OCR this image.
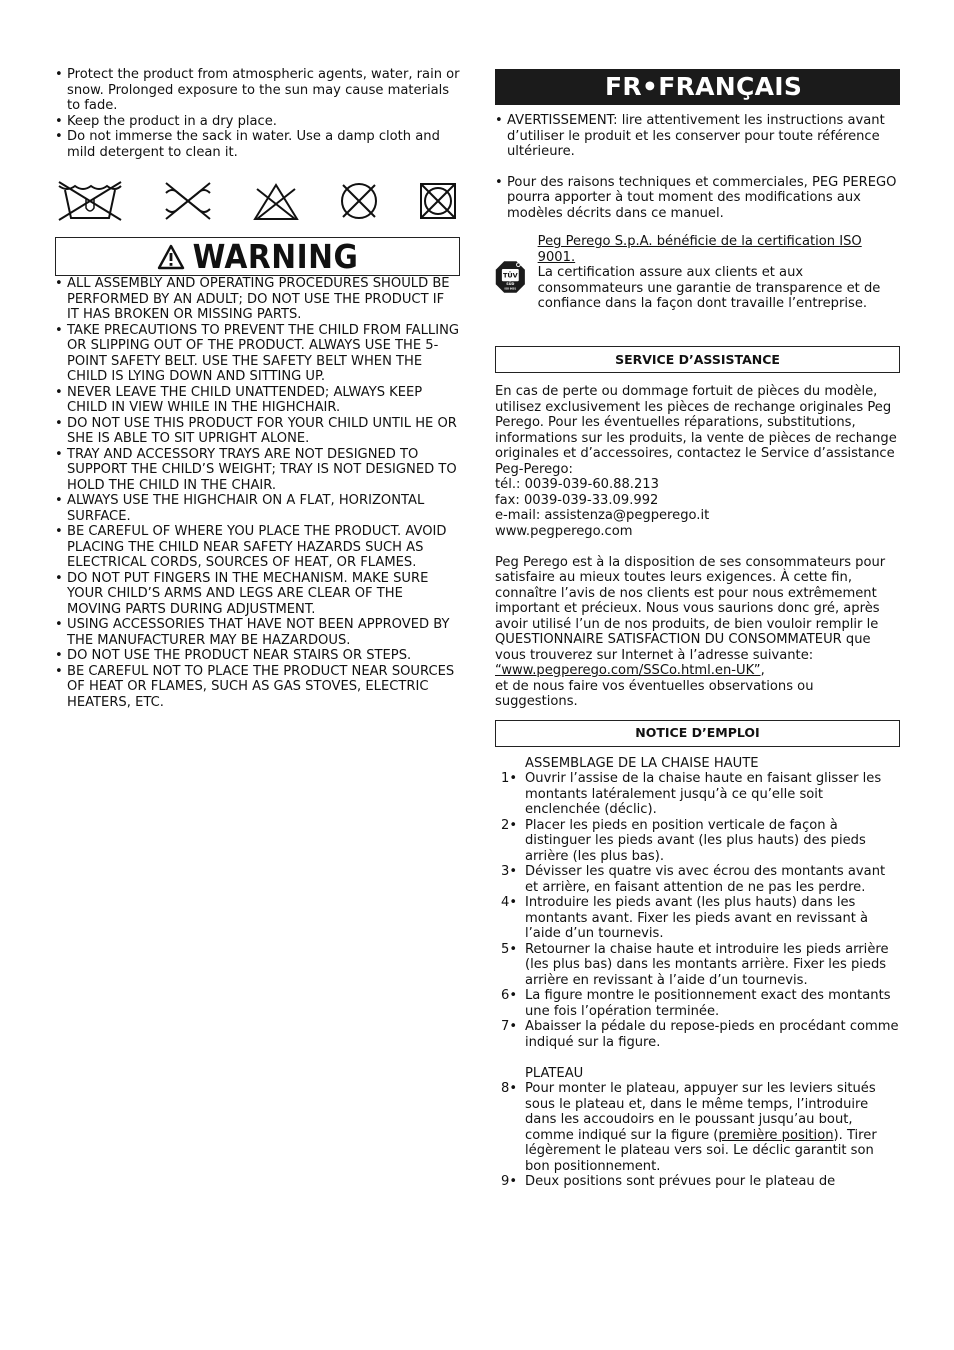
• Protect the product from atmospheric agents, water, rain or snow. Prolonged exposure to the sun may cause materials to fade.
• Keep the product in a dry place.
• Do not immerse the sack in water. Use a damp cloth and mild detergent to clean it.
WARNING
• ALL ASSEMBLY AND OPERATING PROCEDURES SHOULD BE PERFORMED BY AN ADULT; DO NOT USE THE PRODUCT IF IT HAS BROKEN OR MISSING PARTS.
• TAKE PRECAUTIONS TO PREVENT THE CHILD FROM FALLING OR SLIPPING OUT OF THE PRODUCT. ALWAYS USE THE 5-POINT SAFETY BELT. USE THE SAFETY BELT WHEN THE CHILD IS LYING DOWN AND SITTING UP.
• NEVER LEAVE THE CHILD UNATTENDED; ALWAYS KEEP CHILD IN VIEW WHILE IN THE HIGHCHAIR.
• DO NOT USE THIS PRODUCT FOR YOUR CHILD UNTIL HE OR SHE IS ABLE TO SIT UPRIGHT ALONE.
• TRAY AND ACCESSORY TRAYS ARE NOT DESIGNED TO SUPPORT THE CHILD’S WEIGHT; TRAY IS NOT DESIGNED TO HOLD THE CHILD IN THE CHAIR.
• ALWAYS USE THE HIGHCHAIR ON A FLAT, HORIZONTAL SURFACE.
• BE CAREFUL OF WHERE YOU PLACE THE PRODUCT. AVOID PLACING THE CHILD NEAR SAFETY HAZARDS SUCH AS ELECTRICAL CORDS, SOURCES OF HEAT, OR FLAMES.
• DO NOT PUT FINGERS IN THE MECHANISM. MAKE SURE YOUR CHILD’S ARMS AND LEGS ARE CLEAR OF THE MOVING PARTS DURING ADJUSTMENT.
• USING ACCESSORIES THAT HAVE NOT BEEN APPROVED BY THE MANUFACTURER MAY BE HAZARDOUS.
• DO NOT USE THE PRODUCT NEAR STAIRS OR STEPS.
• BE CAREFUL NOT TO PLACE THE PRODUCT NEAR SOURCES OF HEAT OR FLAMES, SUCH AS GAS STOVES, ELECTRIC HEATERS, ETC.
FR•FRANÇAIS
• AVERTISSEMENT: lire attentivement les instructions avant d’utiliser le produit et les conserver pour toute référence ultérieure.
• Pour des raisons techniques et commerciales, PEG PEREGO pourra apporter à tout moment des modifications aux modèles décrits dans ce manuel.
TÜV
SÜD
ISO 9001
Peg Perego S.p.A. bénéficie de la certification ISO 9001.
La certification assure aux clients et aux consommateurs une garantie de transparence et de confiance dans la façon dont travaille l’entreprise.
SERVICE D’ASSISTANCE

En cas de perte ou dommage fortuit de pièces du modèle, utilisez exclusivement les pièces de rechange originales Peg Perego. Pour les éventuelles réparations, substitutions, informations sur les produits, la vente de pièces de rechange originales et d’accessoires, contactez le Service d’assistance Peg-Perego:

tél.: 0039-039-60.88.213
fax: 0039-039-33.09.992
e-mail: assistenza@pegperego.it
www.pegperego.com
Peg Perego est à la disposition de ses consommateurs pour satisfaire au mieux toutes leurs exigences. À cette fin, connaître l’avis de nos clients est pour nous extrêmement important et précieux. Nous vous saurions donc gré, après avoir utilisé l’un de nos produits, de bien vouloir remplir le QUESTIONNAIRE SATISFACTION DU CONSOMMATEUR que vous trouverez sur Internet à l’adresse suivante:
“www.pegperego.com/SSCo.html.en-UK”,
et de nous faire vos éventuelles observations ou suggestions.
NOTICE D’EMPLOI
ASSEMBLAGE DE LA CHAISE HAUTE
1• Ouvrir l’assise de la chaise haute en faisant glisser les montants latéralement jusqu’à ce qu’elle soit enclenchée (déclic).
2• Placer les pieds en position verticale de façon à distinguer les pieds avant (les plus hauts) des pieds arrière (les plus bas).
3• Dévisser les quatre vis avec écrou des montants avant et arrière, en faisant attention de ne pas les perdre.
4• Introduire les pieds avant (les plus hauts) dans les montants avant. Fixer les pieds avant en revissant à l’aide d’un tournevis.
5• Retourner la chaise haute et introduire les pieds arrière (les plus bas) dans les montants arrière. Fixer les pieds arrière en revissant à l’aide d’un tournevis.
6• La figure montre le positionnement exact des montants une fois l’opération terminée.
7• Abaisser la pédale du repose-pieds en procédant comme indiqué sur la figure.
PLATEAU
8• Pour monter le plateau, appuyer sur les leviers situés sous le plateau et, dans le même temps, l’introduire dans les accoudoirs en le poussant jusqu’au bout, comme indiqué sur la figure (première position). Tirer légèrement le plateau vers soi. Le déclic garantit son bon positionnement.
9• Deux positions sont prévues pour le plateau de
